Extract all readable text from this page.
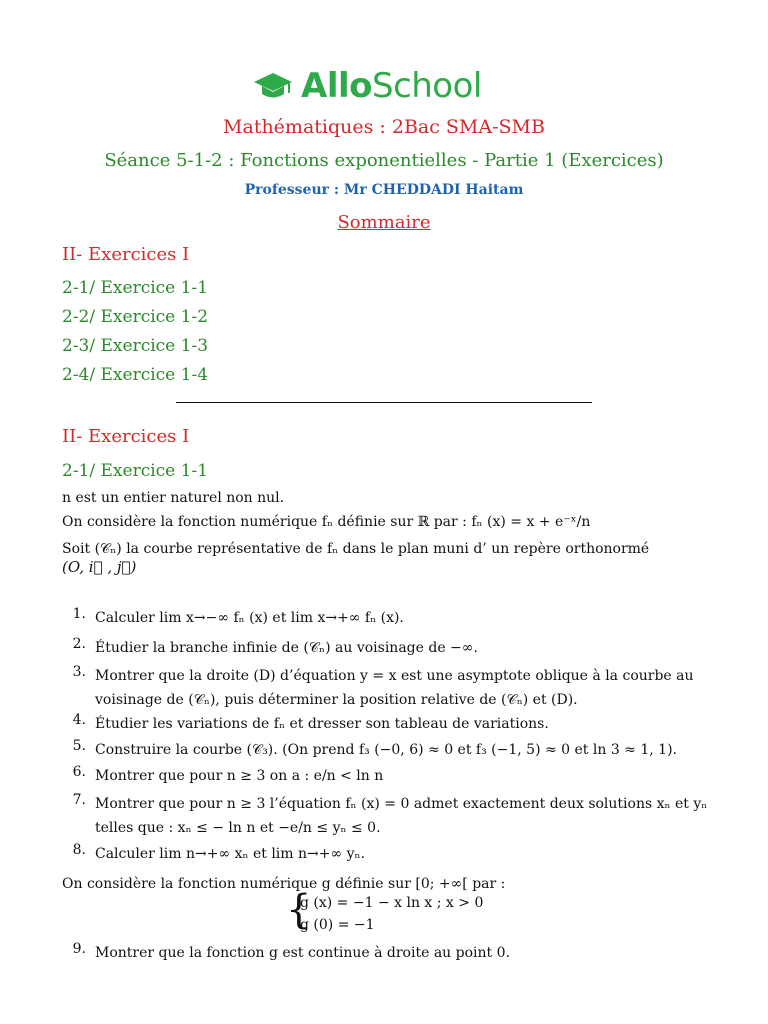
AlloSchool
Mathématiques : 2Bac SMA-SMB
Séance 5-1-2 : Fonctions exponentielles - Partie 1 (Exercices)
Professeur : Mr CHEDDADI Haitam
Sommaire
II- Exercices I
2-1/ Exercice 1-1
2-2/ Exercice 1-2
2-3/ Exercice 1-3
2-4/ Exercice 1-4
II- Exercices I
2-1/ Exercice 1-1
n est un entier naturel non nul.
On considère la fonction numérique fₙ définie sur ℝ par : fₙ (x) = x + e⁻ˣ/n
Soit (𝒞ₙ) la courbe représentative de fₙ dans le plan muni d’ un repère orthonormé
(O, i⃗ , j⃗)
1. Calculer lim x→−∞ fₙ (x) et lim x→+∞ fₙ (x).
2. Étudier la branche infinie de (𝒞ₙ) au voisinage de −∞.
3. Montrer que la droite (D) d’équation y = x est une asymptote oblique à la courbe au voisinage de (𝒞ₙ), puis déterminer la position relative de (𝒞ₙ) et (D).
4. Étudier les variations de fₙ et dresser son tableau de variations.
5. Construire la courbe (𝒞₃). (On prend f₃ (−0, 6) ≈ 0 et f₃ (−1, 5) ≈ 0 et ln 3 ≈ 1, 1).
6. Montrer que pour n ≥ 3 on a : e/n < ln n
7. Montrer que pour n ≥ 3 l’équation fₙ (x) = 0 admet exactement deux solutions xₙ et yₙ telles que : xₙ ≤ − ln n et −e/n ≤ yₙ ≤ 0.
8. Calculer lim n→+∞ xₙ et lim n→+∞ yₙ.
On considère la fonction numérique g définie sur [0; +∞[ par :
{
g (x) = −1 − x ln x ; x > 0
g (0) = −1
9. Montrer que la fonction g est continue à droite au point 0.
